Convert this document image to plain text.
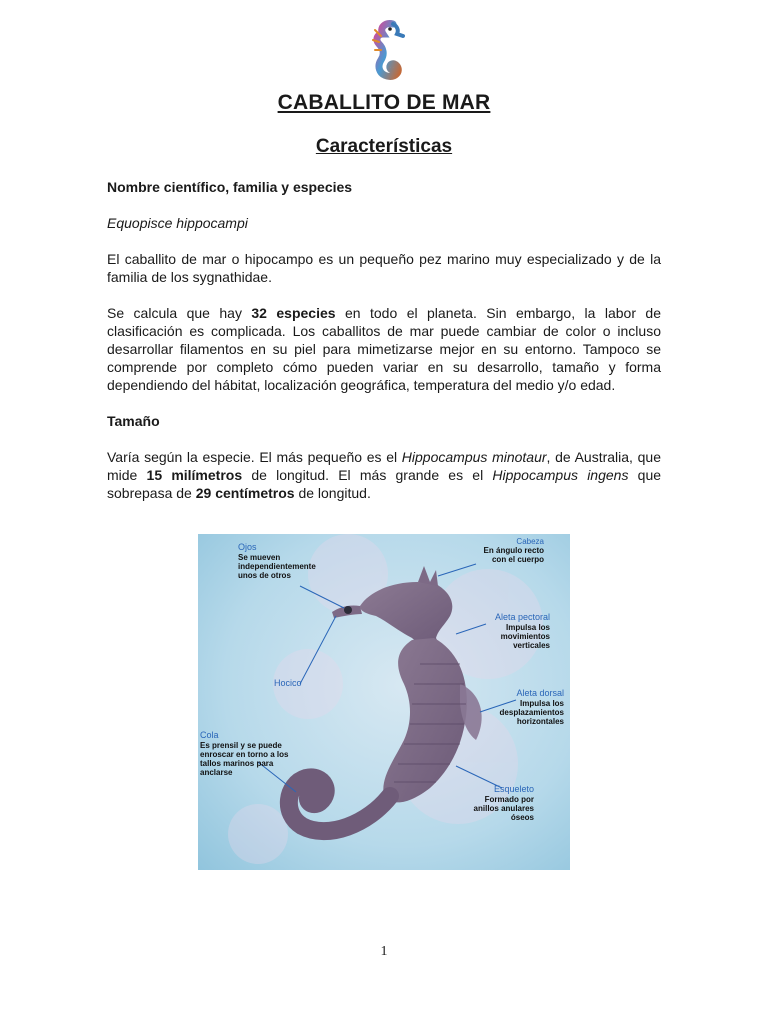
CABALLITO DE MAR
Características

Nombre científico, familia y especies

Equopisce hippocampi

El caballito de mar o hipocampo es un pequeño pez marino muy especializado y de la familia de los sygnathidae.

Se calcula que hay 32 especies en todo el planeta. Sin embargo, la labor de clasificación es complicada. Los caballitos de mar puede cambiar de color o incluso desarrollar filamentos en su piel para mimetizarse mejor en su entorno. Tampoco se comprende por completo cómo pueden variar en su desarrollo, tamaño y forma dependiendo del hábitat, localización geográfica, temperatura del medio y/o edad.

Tamaño

Varía según la especie. El más pequeño es el Hippocampus minotaur, de Australia, que mide 15 milímetros de longitud. El más grande es el Hippocampus ingens que sobrepasa de 29 centímetros de longitud.

Ojos
Se mueven
independientemente
unos de otros
Cabeza
En ángulo recto
con el cuerpo
Aleta pectoral
Impulsa los
movimientos
verticales
Hocico
Aleta dorsal
Impulsa los
desplazamientos
horizontales
Cola
Es prensil y se puede
enroscar en torno a los
tallos marinos para
anclarse
Esqueleto
Formado por
anillos anulares
óseos
1
